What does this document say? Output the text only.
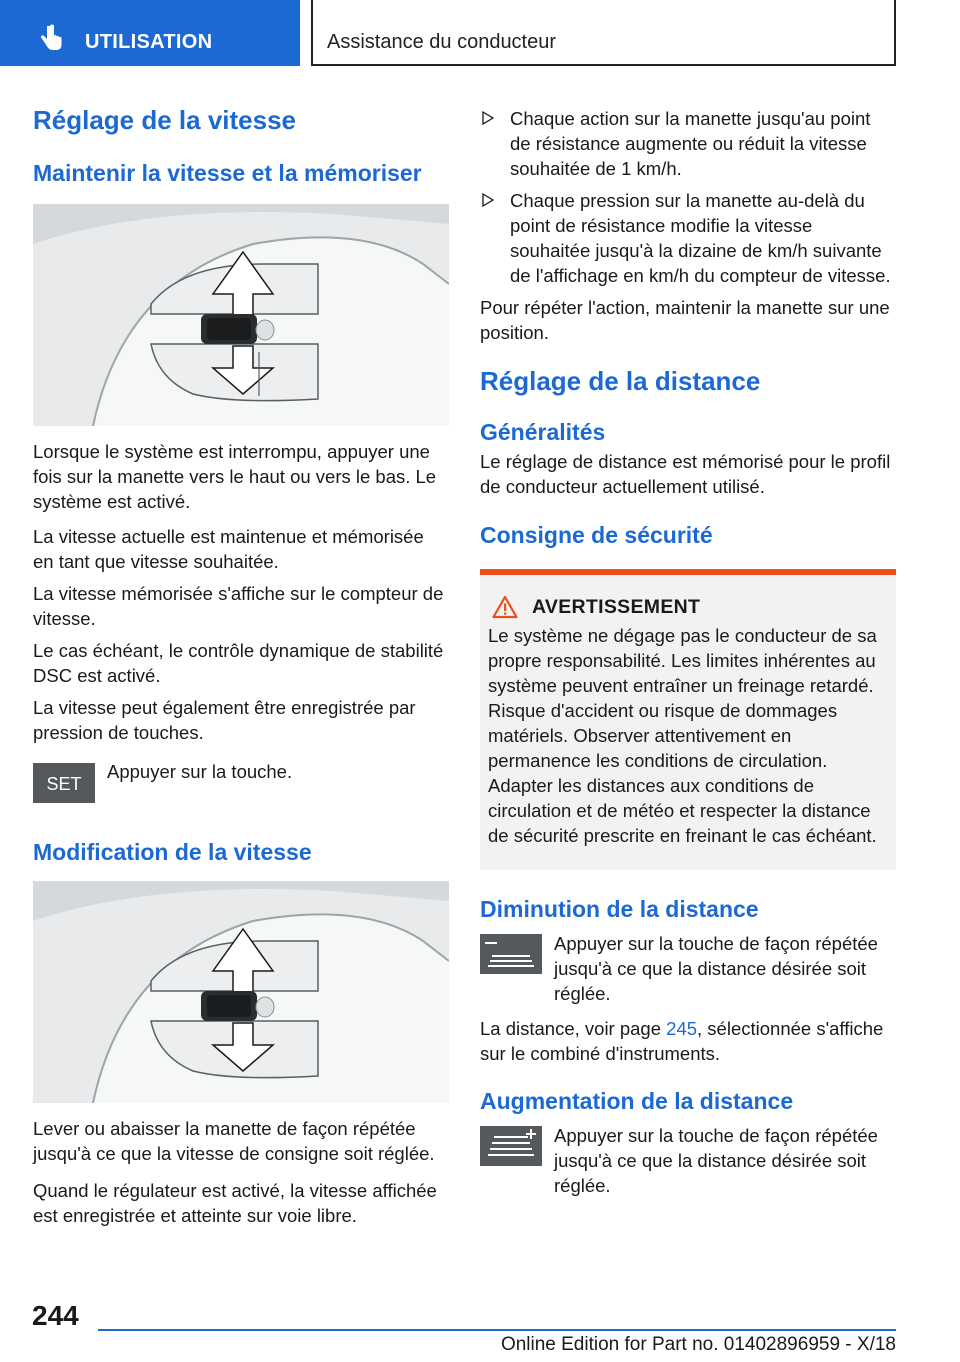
UTILISATION	Assistance du conducteur
Réglage de la vitesse
Maintenir la vitesse et la mémoriser

Lorsque le système est interrompu, appuyer une fois sur la manette vers le haut ou vers le bas. Le système est activé.

La vitesse actuelle est maintenue et mémorisée en tant que vitesse souhaitée.

La vitesse mémorisée s'affiche sur le compteur de vitesse.

Le cas échéant, le contrôle dynamique de stabilité DSC est activé.

La vitesse peut également être enregistrée par pression de touches.

SET

Appuyer sur la touche.

Modification de la vitesse

Lever ou abaisser la manette de façon répétée jusqu'à ce que la vitesse de consigne soit réglée.

Quand le régulateur est activé, la vitesse affichée est enregistrée et atteinte sur voie libre.

Chaque action sur la manette jusqu'au point de résistance augmente ou réduit la vitesse souhaitée de 1 km/h.
Chaque pression sur la manette au-delà du point de résistance modifie la vitesse souhaitée jusqu'à la dizaine de km/h suivante de l'affichage en km/h du compteur de vitesse.

Pour répéter l'action, maintenir la manette sur une position.

Réglage de la distance
Généralités

Le réglage de distance est mémorisé pour le profil de conducteur actuellement utilisé.

Consigne de sécurité
AVERTISSEMENT

Le système ne dégage pas le conducteur de sa propre responsabilité. Les limites inhérentes au système peuvent entraîner un freinage retardé. Risque d'accident ou risque de dommages matériels. Observer attentivement en permanence les conditions de circulation. Adapter les distances aux conditions de circulation et de météo et respecter la distance de sécurité prescrite en freinant le cas échéant.

Diminution de la distance

Appuyer sur la touche de façon répétée jusqu'à ce que la distance désirée soit réglée.

La distance, voir page 245, sélectionnée s'affiche sur le combiné d'instruments.

Augmentation de la distance

Appuyer sur la touche de façon répétée jusqu'à ce que la distance désirée soit réglée.

244
Online Edition for Part no. 01402896959 - X/18
